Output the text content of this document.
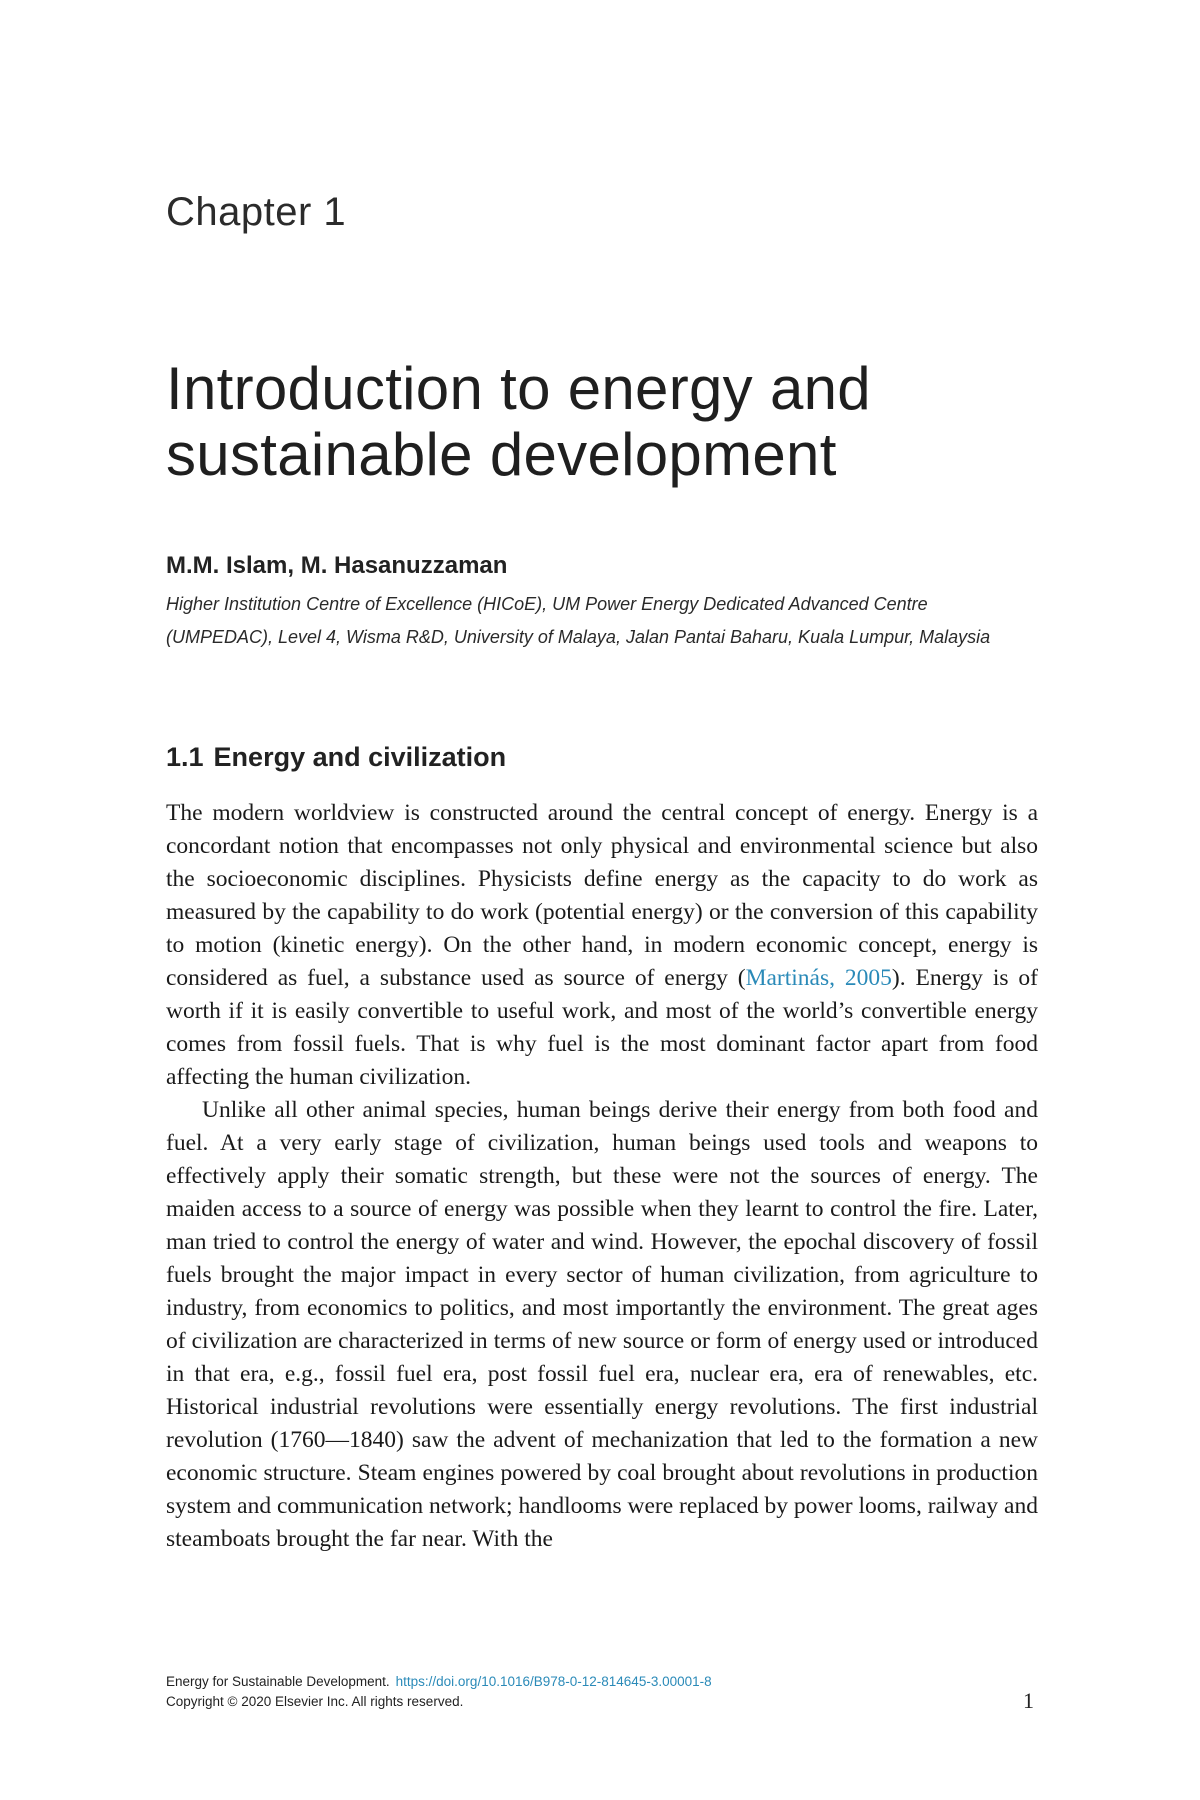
Chapter 1
Introduction to energy and sustainable development
M.M. Islam, M. Hasanuzzaman
Higher Institution Centre of Excellence (HICoE), UM Power Energy Dedicated Advanced Centre (UMPEDAC), Level 4, Wisma R&D, University of Malaya, Jalan Pantai Baharu, Kuala Lumpur, Malaysia
1.1 Energy and civilization

The modern worldview is constructed around the central concept of energy. Energy is a concordant notion that encompasses not only physical and environmental science but also the socioeconomic disciplines. Physicists define energy as the capacity to do work as measured by the capability to do work (potential energy) or the conversion of this capability to motion (kinetic energy). On the other hand, in modern economic concept, energy is considered as fuel, a substance used as source of energy (Martinás, 2005). Energy is of worth if it is easily convertible to useful work, and most of the world’s convertible energy comes from fossil fuels. That is why fuel is the most dominant factor apart from food affecting the human civilization.

Unlike all other animal species, human beings derive their energy from both food and fuel. At a very early stage of civilization, human beings used tools and weapons to effectively apply their somatic strength, but these were not the sources of energy. The maiden access to a source of energy was possible when they learnt to control the fire. Later, man tried to control the energy of water and wind. However, the epochal discovery of fossil fuels brought the major impact in every sector of human civilization, from agriculture to industry, from economics to politics, and most importantly the environment. The great ages of civilization are characterized in terms of new source or form of energy used or introduced in that era, e.g., fossil fuel era, post fossil fuel era, nuclear era, era of renewables, etc. Historical industrial revolutions were essentially energy revolutions. The first industrial revolution (1760—1840) saw the advent of mechanization that led to the formation a new economic structure. Steam engines powered by coal brought about revolutions in production system and communication network; handlooms were replaced by power looms, railway and steamboats brought the far near. With the

Energy for Sustainable Development. https://doi.org/10.1016/B978-0-12-814645-3.00001-8
Copyright © 2020 Elsevier Inc. All rights reserved.	1
